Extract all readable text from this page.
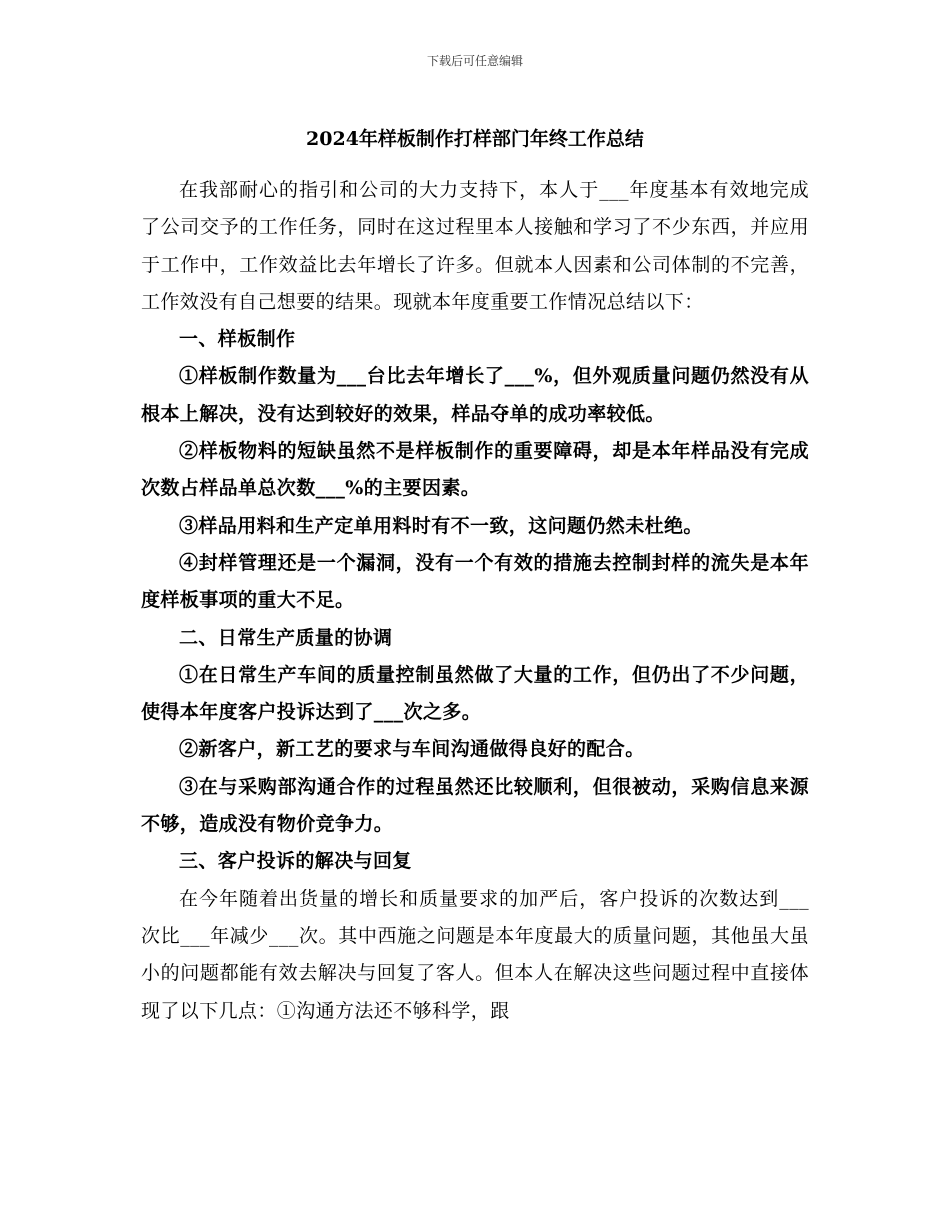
下载后可任意编辑
2024年样板制作打样部门年终工作总结

在我部耐心的指引和公司的大力支持下，本人于___年度基本有效地完成了公司交予的工作任务，同时在这过程里本人接触和学习了不少东西，并应用于工作中，工作效益比去年增长了许多。但就本人因素和公司体制的不完善，工作效没有自己想要的结果。现就本年度重要工作情况总结以下：

一、样板制作

①样板制作数量为___台比去年增长了___%，但外观质量问题仍然没有从根本上解决，没有达到较好的效果，样品夺单的成功率较低。

②样板物料的短缺虽然不是样板制作的重要障碍，却是本年样品没有完成次数占样品单总次数___%的主要因素。

③样品用料和生产定单用料时有不一致，这问题仍然未杜绝。

④封样管理还是一个漏洞，没有一个有效的措施去控制封样的流失是本年度样板事项的重大不足。

二、日常生产质量的协调

①在日常生产车间的质量控制虽然做了大量的工作，但仍出了不少问题，使得本年度客户投诉达到了___次之多。

②新客户，新工艺的要求与车间沟通做得良好的配合。

③在与采购部沟通合作的过程虽然还比较顺利，但很被动，采购信息来源不够，造成没有物价竞争力。

三、客户投诉的解决与回复

在今年随着出货量的增长和质量要求的加严后，客户投诉的次数达到___次比___年减少___次。其中西施之问题是本年度最大的质量问题，其他虽大虽小的问题都能有效去解决与回复了客人。但本人在解决这些问题过程中直接体现了以下几点：①沟通方法还不够科学，跟
